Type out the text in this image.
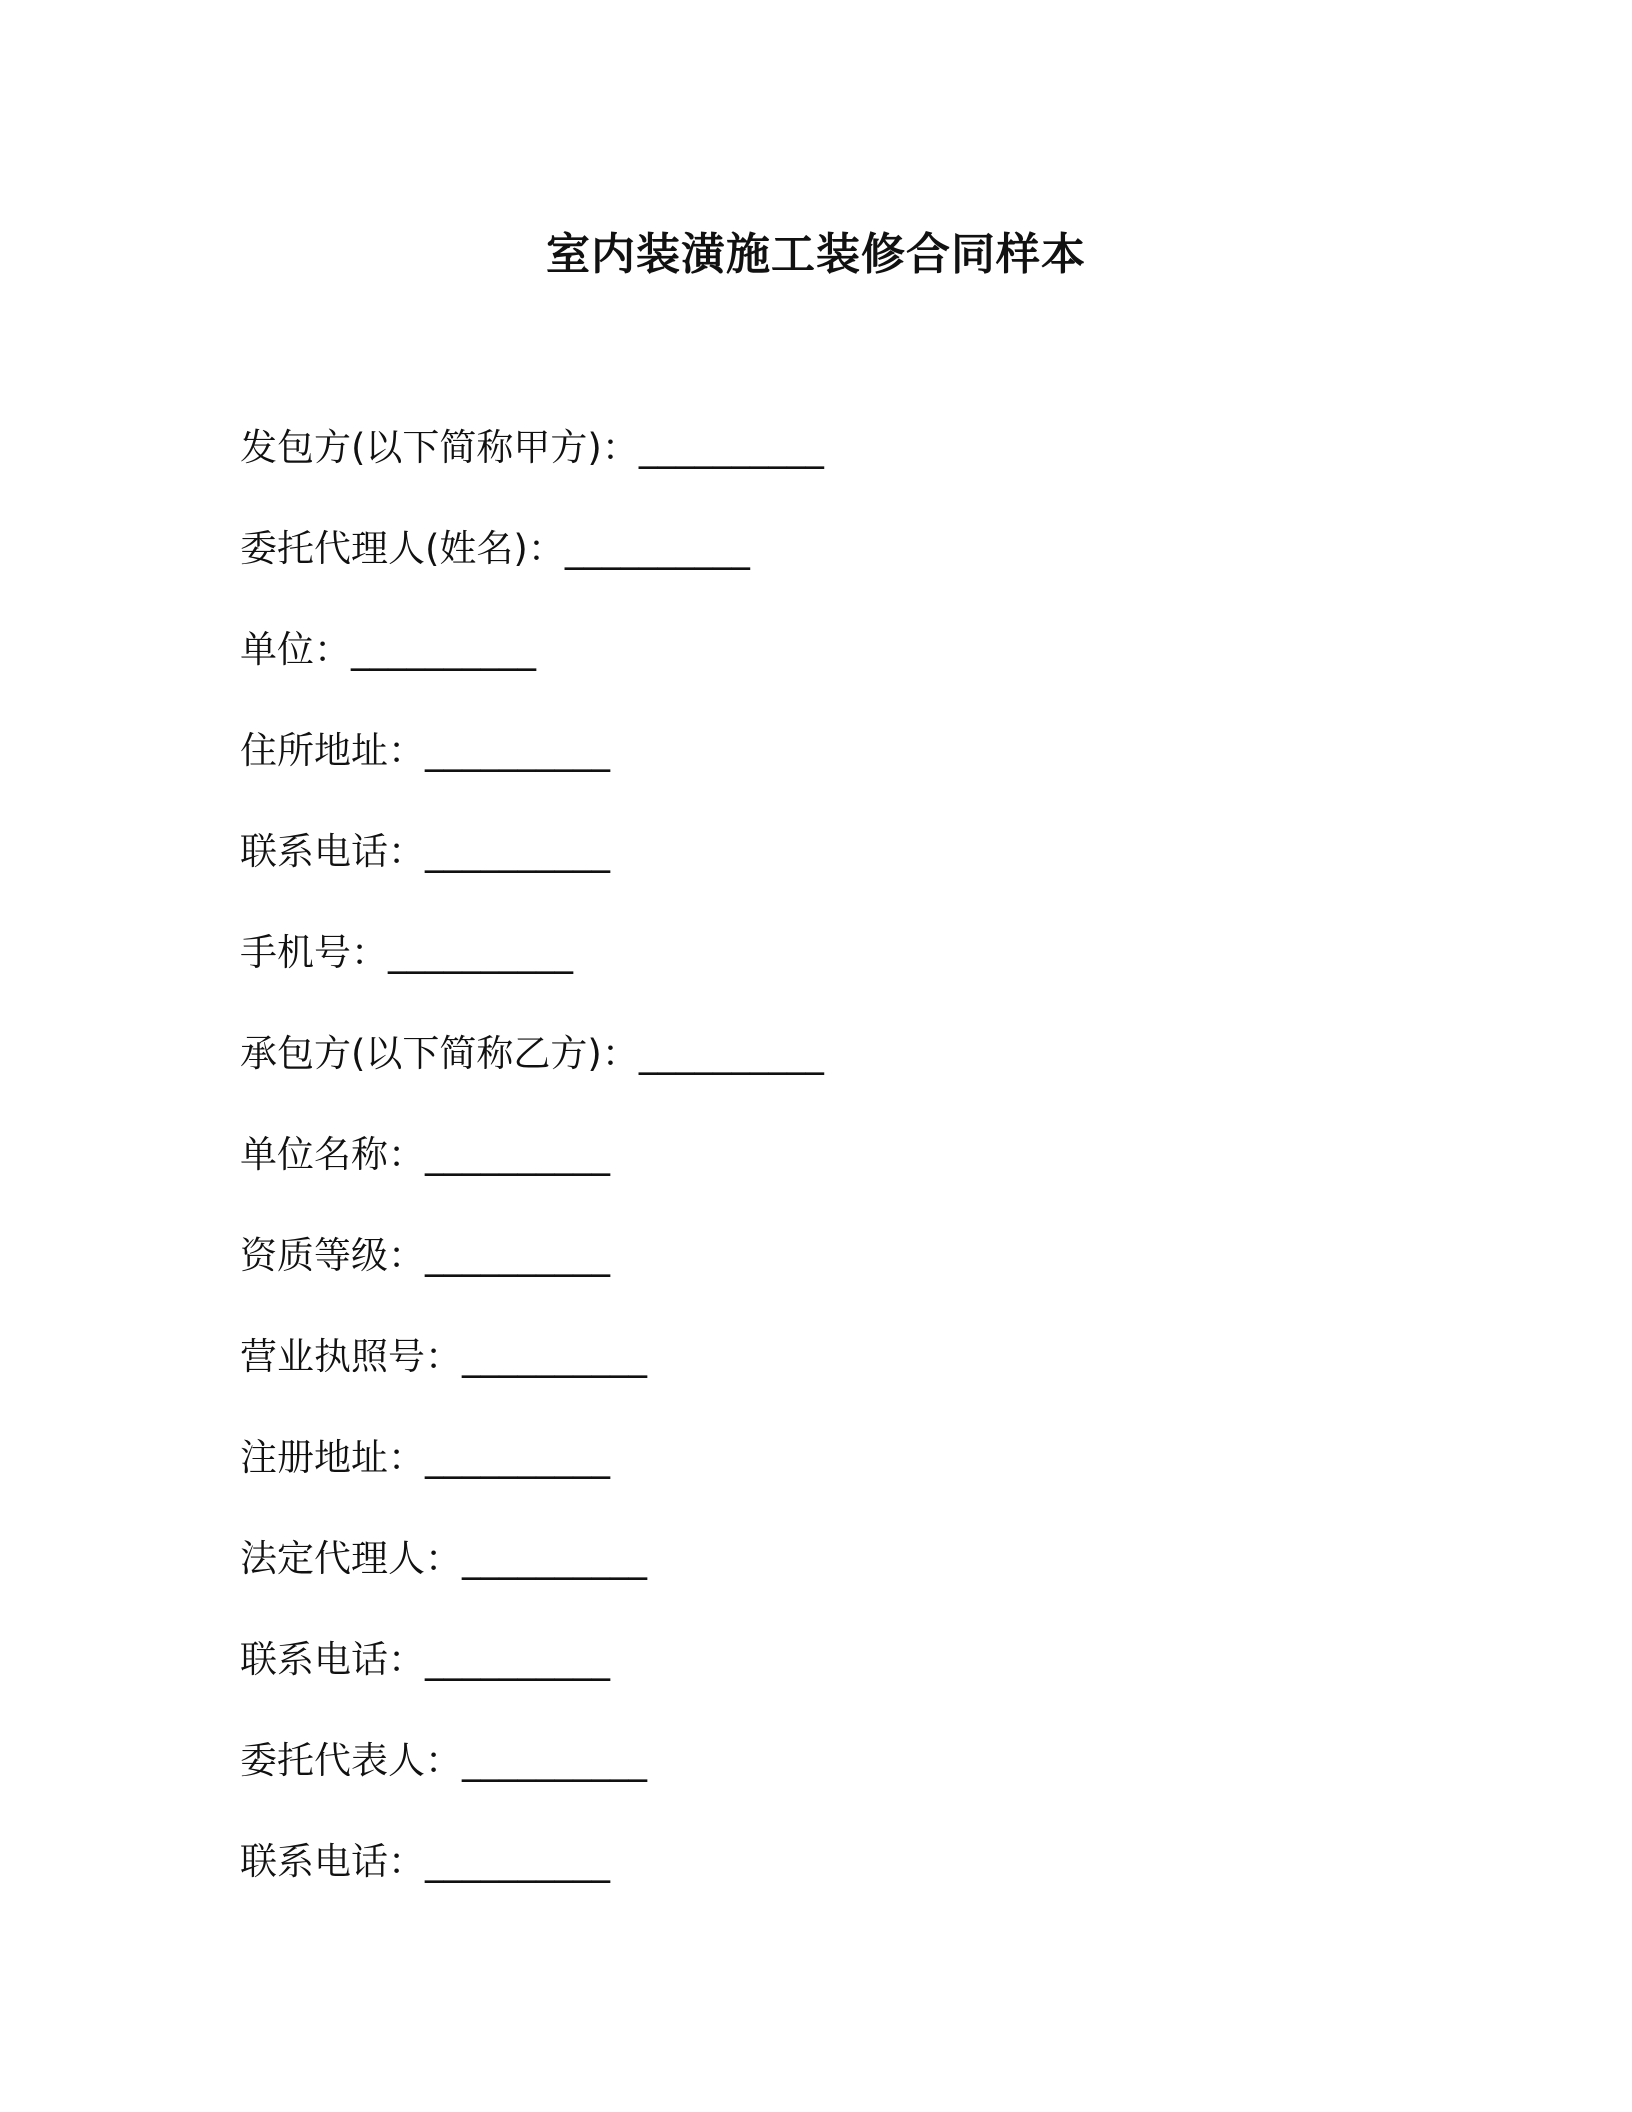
室内装潢施工装修合同样本
发包方(以下简称甲方)：__________
委托代理人(姓名)：__________
单位：__________
住所地址：__________
联系电话：__________
手机号：__________
承包方(以下简称乙方)：__________
单位名称：__________
资质等级：__________
营业执照号：__________
注册地址：__________
法定代理人：__________
联系电话：__________
委托代表人：__________
联系电话：__________
